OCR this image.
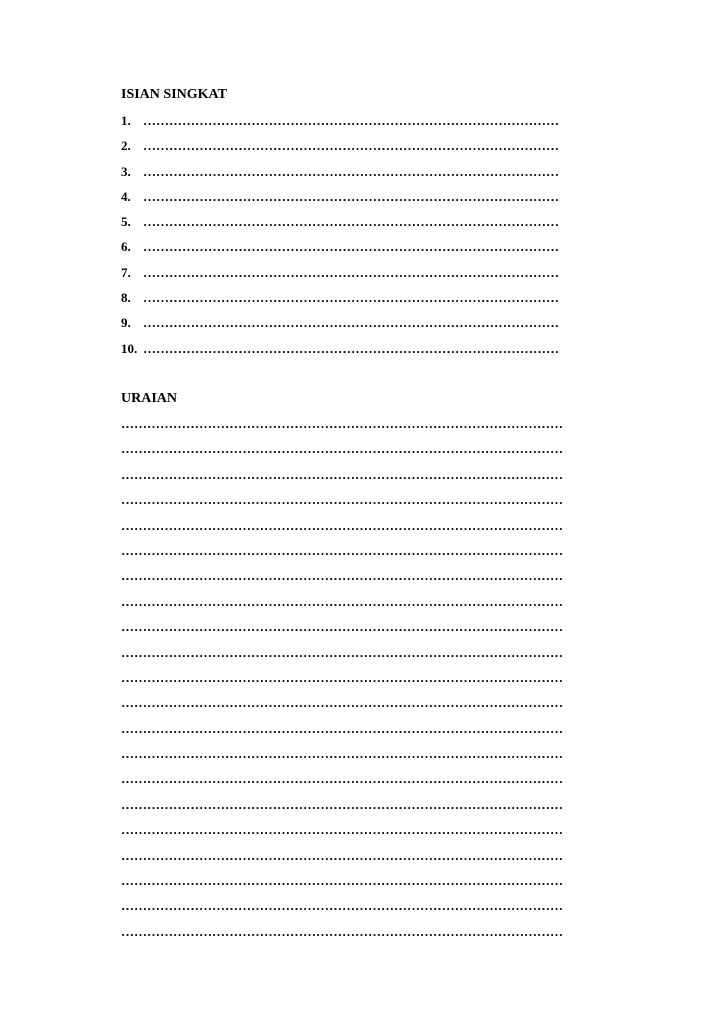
ISIAN SINGKAT
1. ……………………………………………………………………………………
2. ……………………………………………………………………………………
3. ……………………………………………………………………………………
4. ……………………………………………………………………………………
5. ……………………………………………………………………………………
6. ……………………………………………………………………………………
7. ……………………………………………………………………………………
8. ……………………………………………………………………………………
9. ……………………………………………………………………………………
10. ……………………………………………………………………………………
URAIAN
…………………………………………………………………………………………
…………………………………………………………………………………………
…………………………………………………………………………………………
…………………………………………………………………………………………
…………………………………………………………………………………………
…………………………………………………………………………………………
…………………………………………………………………………………………
…………………………………………………………………………………………
…………………………………………………………………………………………
…………………………………………………………………………………………
…………………………………………………………………………………………
…………………………………………………………………………………………
…………………………………………………………………………………………
…………………………………………………………………………………………
…………………………………………………………………………………………
…………………………………………………………………………………………
…………………………………………………………………………………………
…………………………………………………………………………………………
…………………………………………………………………………………………
…………………………………………………………………………………………
…………………………………………………………………………………………
